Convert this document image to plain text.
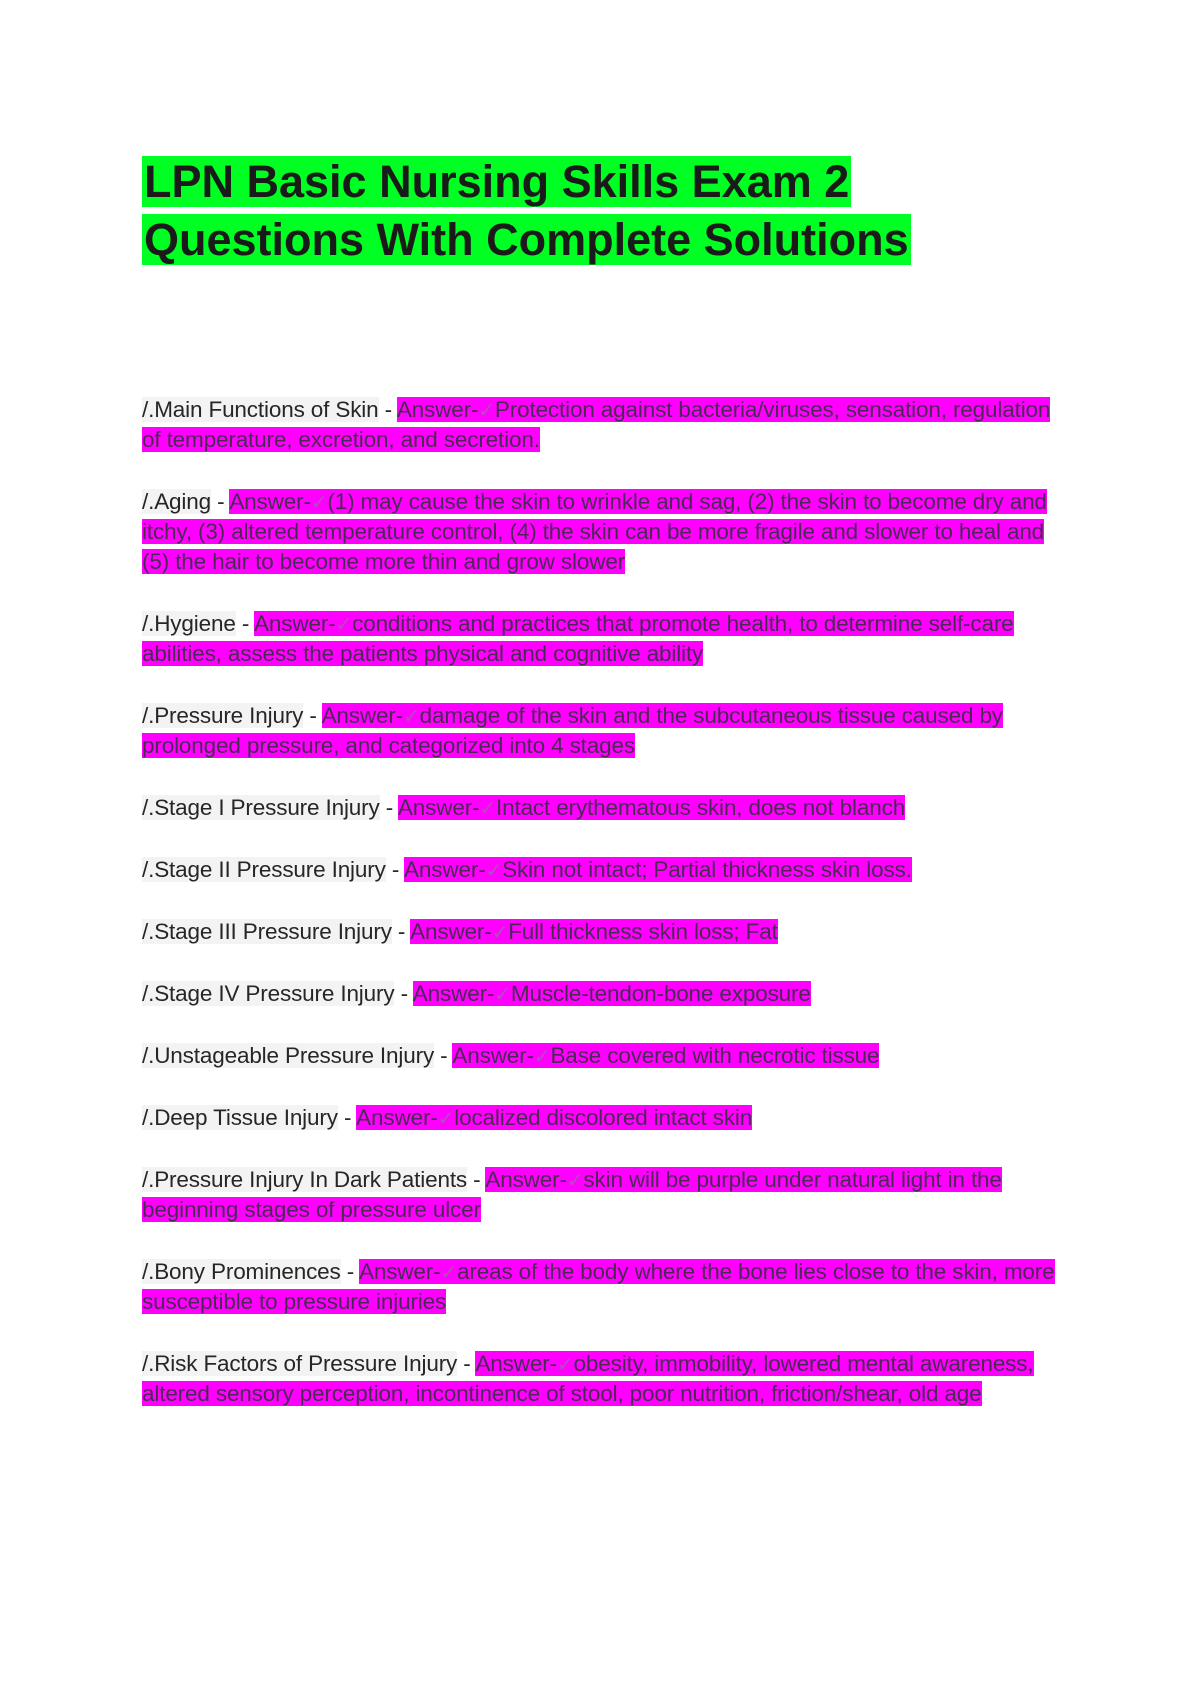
LPN Basic Nursing Skills Exam 2
Questions With Complete Solutions
/.Main Functions of Skin - Answer-✓Protection against bacteria/viruses, sensation, regulation of temperature, excretion, and secretion.
/.Aging - Answer-✓(1) may cause the skin to wrinkle and sag, (2) the skin to become dry and itchy, (3) altered temperature control, (4) the skin can be more fragile and slower to heal and (5) the hair to become more thin and grow slower
/.Hygiene - Answer-✓conditions and practices that promote health, to determine self-care abilities, assess the patients physical and cognitive ability
/.Pressure Injury - Answer-✓damage of the skin and the subcutaneous tissue caused by prolonged pressure, and categorized into 4 stages
/.Stage I Pressure Injury - Answer-✓Intact erythematous skin, does not blanch
/.Stage II Pressure Injury - Answer-✓Skin not intact; Partial thickness skin loss.
/.Stage III Pressure Injury - Answer-✓Full thickness skin loss; Fat
/.Stage IV Pressure Injury - Answer-✓Muscle-tendon-bone exposure
/.Unstageable Pressure Injury - Answer-✓Base covered with necrotic tissue
/.Deep Tissue Injury - Answer-✓localized discolored intact skin
/.Pressure Injury In Dark Patients - Answer-✓skin will be purple under natural light in the beginning stages of pressure ulcer
/.Bony Prominences - Answer-✓areas of the body where the bone lies close to the skin, more susceptible to pressure injuries
/.Risk Factors of Pressure Injury - Answer-✓obesity, immobility, lowered mental awareness, altered sensory perception, incontinence of stool, poor nutrition, friction/shear, old age
